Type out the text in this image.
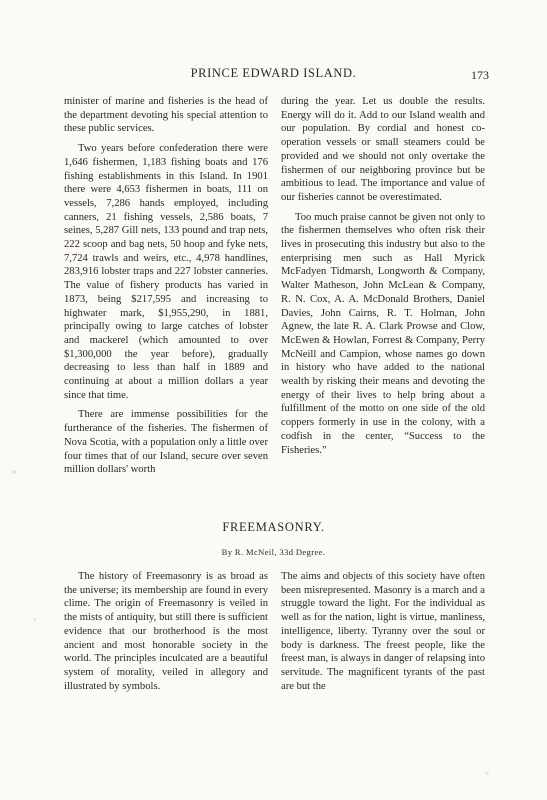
PRINCE EDWARD ISLAND.	173

minister of marine and fisheries is the head of the department devoting his special attention to these public services.

Two years before confederation there were 1,646 fishermen, 1,183 fishing boats and 176 fishing establishments in this Island. In 1901 there were 4,653 fishermen in boats, 111 on vessels, 7,286 hands employed, including canners, 21 fishing vessels, 2,586 boats, 7 seines, 5,287 Gill nets, 133 pound and trap nets, 222 scoop and bag nets, 50 hoop and fyke nets, 7,724 trawls and weirs, etc., 4,978 handlines, 283,916 lobster traps and 227 lobster canneries. The value of fishery products has varied in 1873, being $217,595 and increasing to highwater mark, $1,955,290, in 1881, principally owing to large catches of lobster and mackerel (which amounted to over $1,300,000 the year before), gradually decreasing to less than half in 1889 and continuing at about a million dollars a year since that time.

There are immense possibilities for the furtherance of the fisheries. The fishermen of Nova Scotia, with a population only a little over four times that of our Island, secure over seven million dollars' worth

during the year. Let us double the results. Energy will do it. Add to our Island wealth and our population. By cordial and honest co-operation vessels or small steamers could be provided and we should not only overtake the fishermen of our neighboring province but be ambitious to lead. The importance and value of our fisheries cannot be overestimated.

Too much praise cannot be given not only to the fishermen themselves who often risk their lives in prosecuting this industry but also to the enterprising men such as Hall Myrick McFadyen Tidmarsh, Longworth & Company, Walter Matheson, John McLean & Company, R. N. Cox, A. A. McDonald Brothers, Daniel Davies, John Cairns, R. T. Holman, John Agnew, the late R. A. Clark Prowse and Clow, McEwen & Howlan, Forrest & Company, Perry McNeill and Campion, whose names go down in history who have added to the national wealth by risking their means and devoting the energy of their lives to help bring about a fulfillment of the motto on one side of the old coppers formerly in use in the colony, with a codfish in the center, “Success to the Fisheries.”

FREEMASONRY.
By R. McNeil, 33d Degree.

The history of Freemasonry is as broad as the universe; its membership are found in every clime. The origin of Freemasonry is veiled in the mists of antiquity, but still there is sufficient evidence that our brotherhood is the most ancient and most honorable society in the world. The principles inculcated are a beautiful system of morality, veiled in allegory and illustrated by symbols.

The aims and objects of this society have often been misrepresented. Masonry is a march and a struggle toward the light. For the individual as well as for the nation, light is virtue, manliness, intelligence, liberty. Tyranny over the soul or body is darkness. The freest people, like the freest man, is always in danger of relapsing into servitude. The magnificent tyrants of the past are but the
